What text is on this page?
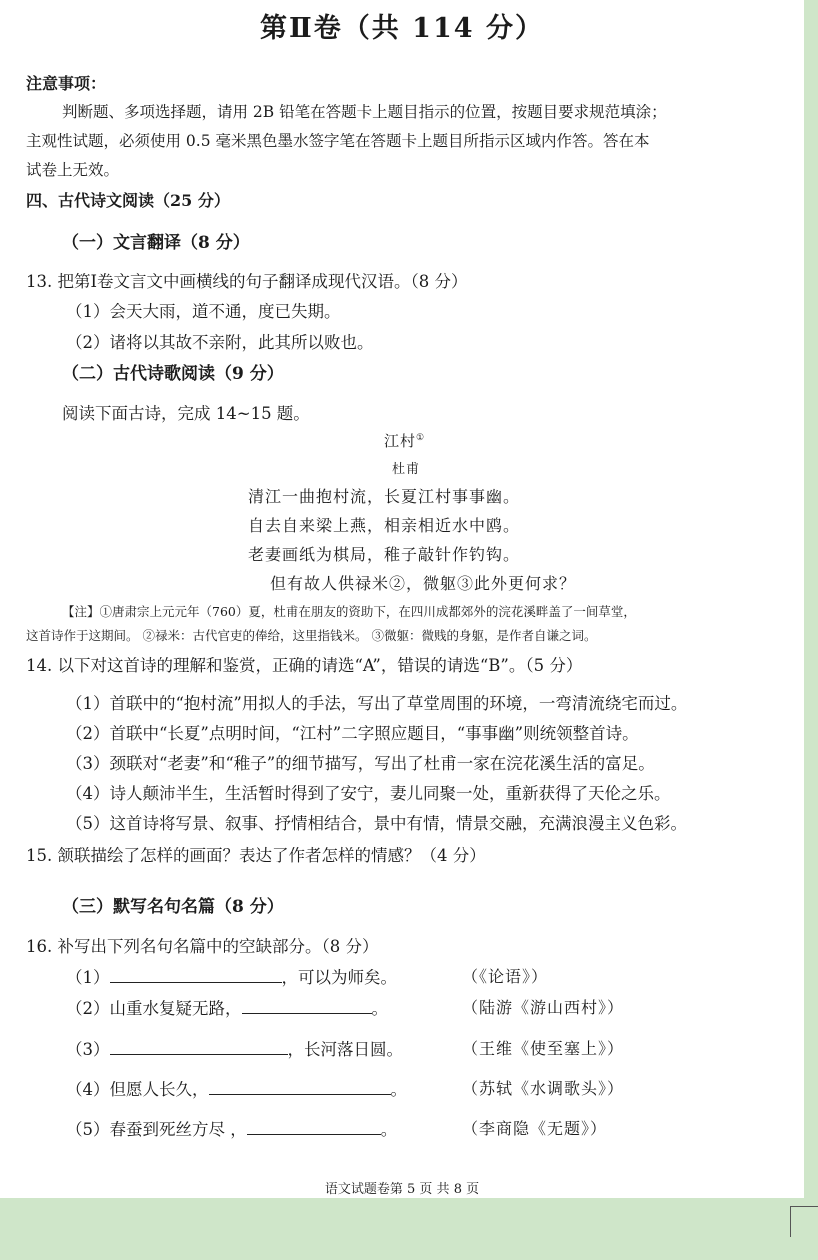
第Ⅱ卷（共 114 分）
注意事项：
判断题、多项选择题，请用 2B 铅笔在答题卡上题目指示的位置，按题目要求规范填涂；
主观性试题，必须使用 0.5 毫米黑色墨水签字笔在答题卡上题目所指示区域内作答。答在本
试卷上无效。
四、古代诗文阅读（25 分）
（一）文言翻译（8 分）
13. 把第Ⅰ卷文言文中画横线的句子翻译成现代汉语。（8 分）
（1）会天大雨，道不通，度已失期。
（2）诸将以其故不亲附，此其所以败也。
（二）古代诗歌阅读（9 分）
阅读下面古诗，完成 14~15 题。
江村①
杜甫
清江一曲抱村流，长夏江村事事幽。
自去自来梁上燕，相亲相近水中鸥。
老妻画纸为棋局，稚子敲针作钓钩。
但有故人供禄米②，微躯③此外更何求？
【注】①唐肃宗上元元年（760）夏，杜甫在朋友的资助下，在四川成都郊外的浣花溪畔盖了一间草堂，
这首诗作于这期间。 ②禄米：古代官吏的俸给，这里指钱米。 ③微躯：微贱的身躯，是作者自谦之词。
14. 以下对这首诗的理解和鉴赏，正确的请选“A”，错误的请选“B”。（5 分）
（1）首联中的“抱村流”用拟人的手法，写出了草堂周围的环境，一弯清流绕宅而过。
（2）首联中“长夏”点明时间，“江村”二字照应题目，“事事幽”则统领整首诗。
（3）颈联对“老妻”和“稚子”的细节描写，写出了杜甫一家在浣花溪生活的富足。
（4）诗人颠沛半生，生活暂时得到了安宁，妻儿同聚一处，重新获得了天伦之乐。
（5）这首诗将写景、叙事、抒情相结合，景中有情，情景交融，充满浪漫主义色彩。
15. 颔联描绘了怎样的画面？表达了作者怎样的情感？（4 分）
（三）默写名句名篇（8 分）
16. 补写出下列名句名篇中的空缺部分。（8 分）
（1）	，可以为师矣。	（《论语》）
（2）山重水复疑无路，	。	（陆游《游山西村》）
（3）	，长河落日圆。	（王维《使至塞上》）
（4）但愿人长久，	。	（苏轼《水调歌头》）
（5）春蚕到死丝方尽 ，	。	（李商隐《无题》）
语文试题卷第 5 页 共 8 页
